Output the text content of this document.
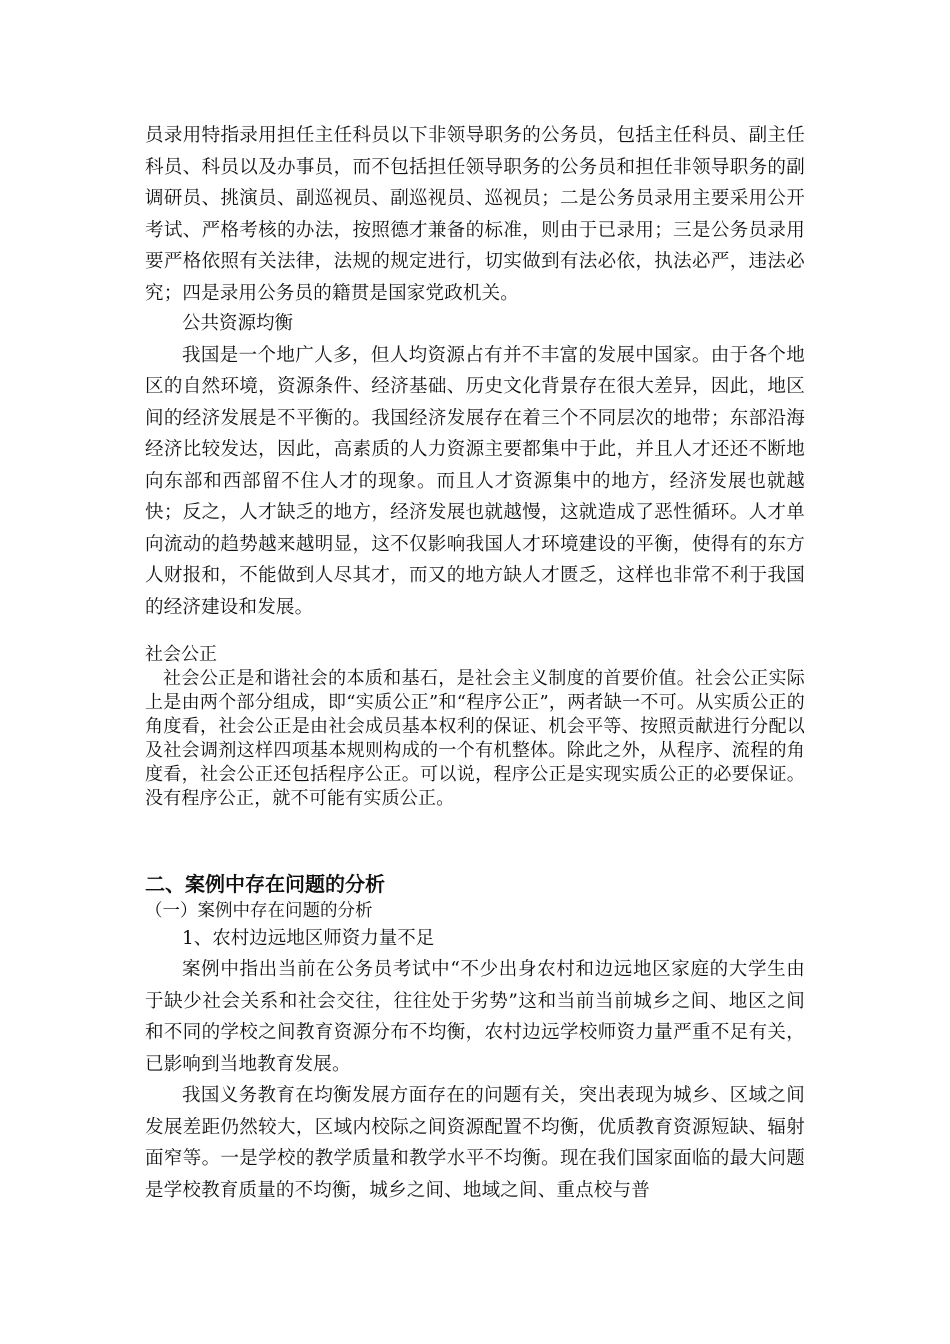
员录用特指录用担任主任科员以下非领导职务的公务员，包括主任科员、副主任科员、科员以及办事员，而不包括担任领导职务的公务员和担任非领导职务的副调研员、挑演员、副巡视员、副巡视员、巡视员；二是公务员录用主要采用公开考试、严格考核的办法，按照德才兼备的标准，则由于已录用；三是公务员录用要严格依照有关法律，法规的规定进行，切实做到有法必依，执法必严，违法必究；四是录用公务员的籍贯是国家党政机关。

公共资源均衡

我国是一个地广人多，但人均资源占有并不丰富的发展中国家。由于各个地区的自然环境，资源条件、经济基础、历史文化背景存在很大差异，因此，地区间的经济发展是不平衡的。我国经济发展存在着三个不同层次的地带；东部沿海经济比较发达，因此，高素质的人力资源主要都集中于此，并且人才还还不断地向东部和西部留不住人才的现象。而且人才资源集中的地方，经济发展也就越快；反之，人才缺乏的地方，经济发展也就越慢，这就造成了恶性循环。人才单向流动的趋势越来越明显，这不仅影响我国人才环境建设的平衡，使得有的东方人财报和，不能做到人尽其才，而又的地方缺人才匮乏，这样也非常不利于我国的经济建设和发展。

社会公正

社会公正是和谐社会的本质和基石，是社会主义制度的首要价值。社会公正实际上是由两个部分组成，即“实质公正”和“程序公正”，两者缺一不可。从实质公正的角度看，社会公正是由社会成员基本权利的保证、机会平等、按照贡献进行分配以及社会调剂这样四项基本规则构成的一个有机整体。除此之外，从程序、流程的角度看，社会公正还包括程序公正。可以说，程序公正是实现实质公正的必要保证。没有程序公正，就不可能有实质公正。

二、案例中存在问题的分析

（一）案例中存在问题的分析

1、农村边远地区师资力量不足

案例中指出当前在公务员考试中“不少出身农村和边远地区家庭的大学生由于缺少社会关系和社会交往，往往处于劣势”这和当前当前城乡之间、地区之间和不同的学校之间教育资源分布不均衡，农村边远学校师资力量严重不足有关，已影响到当地教育发展。

我国义务教育在均衡发展方面存在的问题有关，突出表现为城乡、区域之间发展差距仍然较大，区域内校际之间资源配置不均衡，优质教育资源短缺、辐射面窄等。一是学校的教学质量和教学水平不均衡。现在我们国家面临的最大问题是学校教育质量的不均衡，城乡之间、地域之间、重点校与普
